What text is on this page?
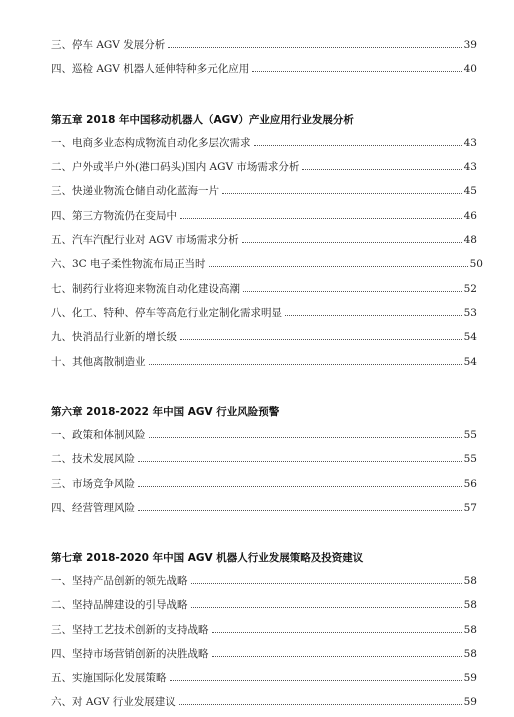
三、停车 AGV 发展分析	39
四、巡检 AGV 机器人延伸特种多元化应用	40
第五章 2018 年中国移动机器人（AGV）产业应用行业发展分析
一、电商多业态构成物流自动化多层次需求	43
二、户外或半户外(港口码头)国内 AGV 市场需求分析	43
三、快递业物流仓储自动化蓝海一片	45
四、第三方物流仍在变局中	46
五、汽车汽配行业对 AGV 市场需求分析	48
六、3C 电子柔性物流布局正当时	50
七、制药行业将迎来物流自动化建设高潮	52
八、化工、特种、停车等高危行业定制化需求明显	53
九、快消品行业新的增长级	54
十、其他离散制造业	54
第六章 2018-2022 年中国 AGV 行业风险预警
一、政策和体制风险	55
二、技术发展风险	55
三、市场竞争风险	56
四、经营管理风险	57
第七章 2018-2020 年中国 AGV 机器人行业发展策略及投资建议
一、坚持产品创新的领先战略	58
二、坚持品牌建设的引导战略	58
三、坚持工艺技术创新的支持战略	58
四、坚持市场营销创新的决胜战略	58
五、实施国际化发展策略	59
六、对 AGV 行业发展建议	59
